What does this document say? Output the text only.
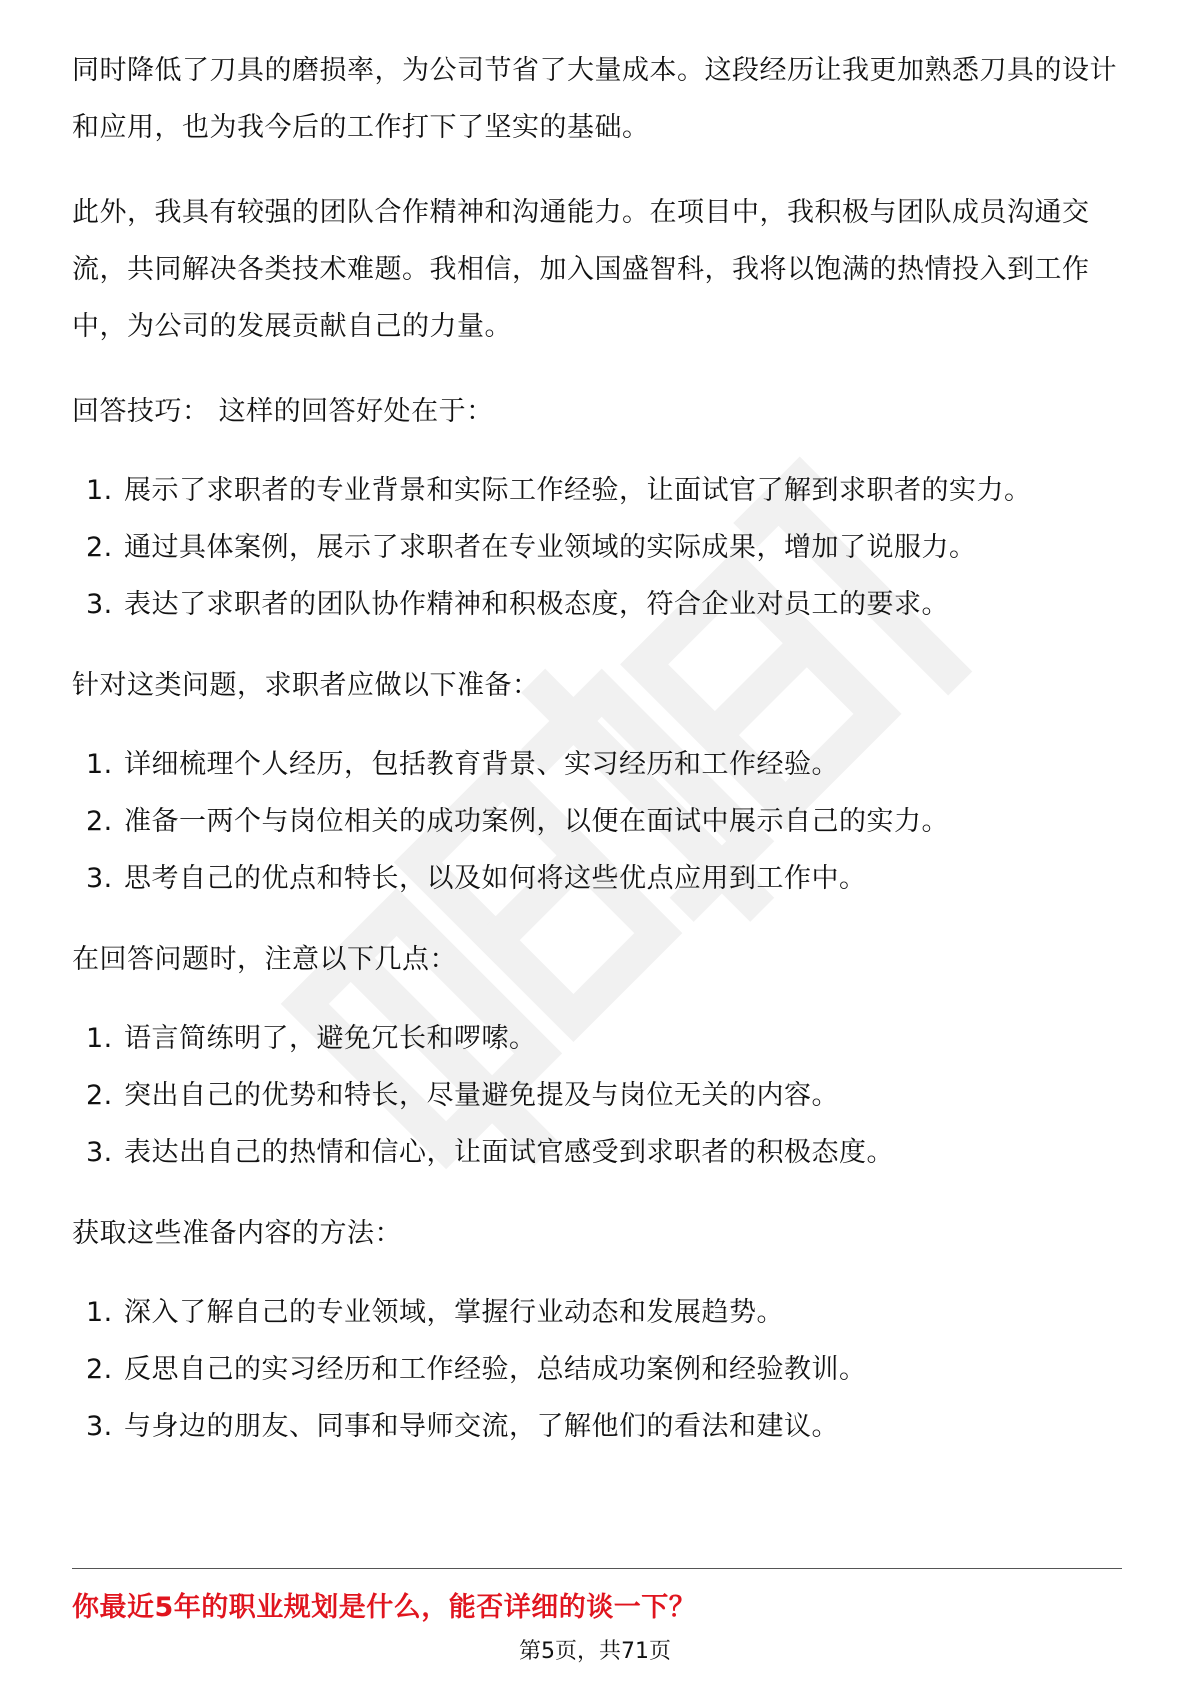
同时降低了刀具的磨损率，为公司节省了大量成本。这段经历让我更加熟悉刀具的设计和应用，也为我今后的工作打下了坚实的基础。

此外，我具有较强的团队合作精神和沟通能力。在项目中，我积极与团队成员沟通交流，共同解决各类技术难题。我相信，加入国盛智科，我将以饱满的热情投入到工作中，为公司的发展贡献自己的力量。

回答技巧： 这样的回答好处在于：

1. 展示了求职者的专业背景和实际工作经验，让面试官了解到求职者的实力。
2. 通过具体案例，展示了求职者在专业领域的实际成果，增加了说服力。
3. 表达了求职者的团队协作精神和积极态度，符合企业对员工的要求。

针对这类问题，求职者应做以下准备：

1. 详细梳理个人经历，包括教育背景、实习经历和工作经验。
2. 准备一两个与岗位相关的成功案例，以便在面试中展示自己的实力。
3. 思考自己的优点和特长，以及如何将这些优点应用到工作中。

在回答问题时，注意以下几点：

1. 语言简练明了，避免冗长和啰嗦。
2. 突出自己的优势和特长，尽量避免提及与岗位无关的内容。
3. 表达出自己的热情和信心，让面试官感受到求职者的积极态度。

获取这些准备内容的方法：

1. 深入了解自己的专业领域，掌握行业动态和发展趋势。
2. 反思自己的实习经历和工作经验，总结成功案例和经验教训。
3. 与身边的朋友、同事和导师交流，了解他们的看法和建议。
你最近5年的职业规划是什么，能否详细的谈一下？
第5页，共71页
